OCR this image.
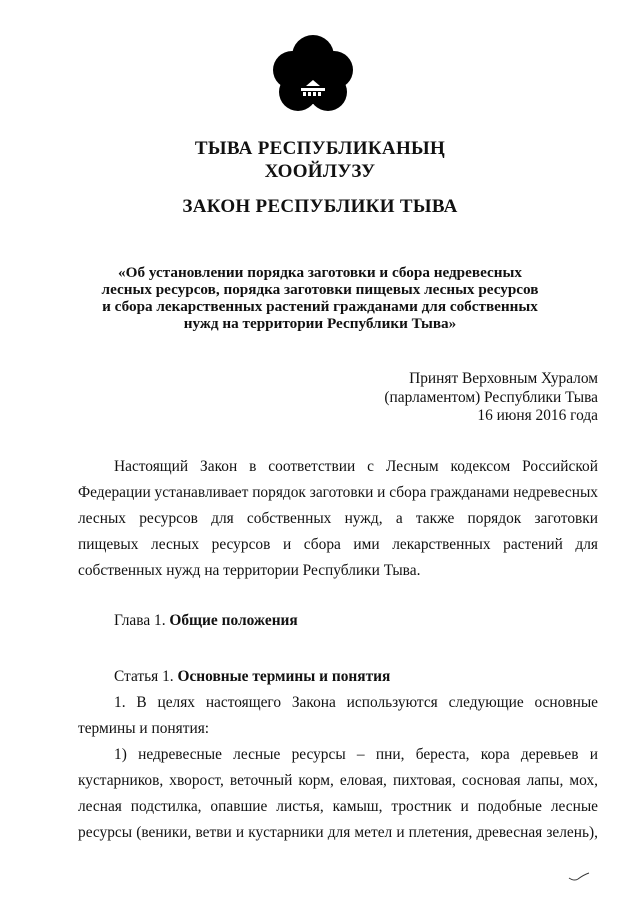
ТЫВА РЕСПУБЛИКАНЫҢ
ХООЙЛУЗУ
ЗАКОН РЕСПУБЛИКИ ТЫВА
«Об установлении порядка заготовки и сбора недревесных
лесных ресурсов, порядка заготовки пищевых лесных ресурсов
и сбора лекарственных растений гражданами для собственных
нужд на территории Республики Тыва»
Принят Верховным Хуралом
(парламентом) Республики Тыва
16 июня 2016 года
Настоящий Закон в соответствии с Лесным кодексом Российской
Федерации устанавливает порядок заготовки и сбора гражданами недревесных
лесных ресурсов для собственных нужд, а также порядок заготовки
пищевых лесных ресурсов и сбора ими лекарственных растений для
собственных нужд на территории Республики Тыва.
Глава 1. Общие положения
Статья 1. Основные термины и понятия
1. В целях настоящего Закона используются следующие основные
термины и понятия:
1) недревесные лесные ресурсы – пни, береста, кора деревьев и
кустарников, хворост, веточный корм, еловая, пихтовая, сосновая лапы, мох,
лесная подстилка, опавшие листья, камыш, тростник и подобные лесные
ресурсы (веники, ветви и кустарники для метел и плетения, древесная зелень),
